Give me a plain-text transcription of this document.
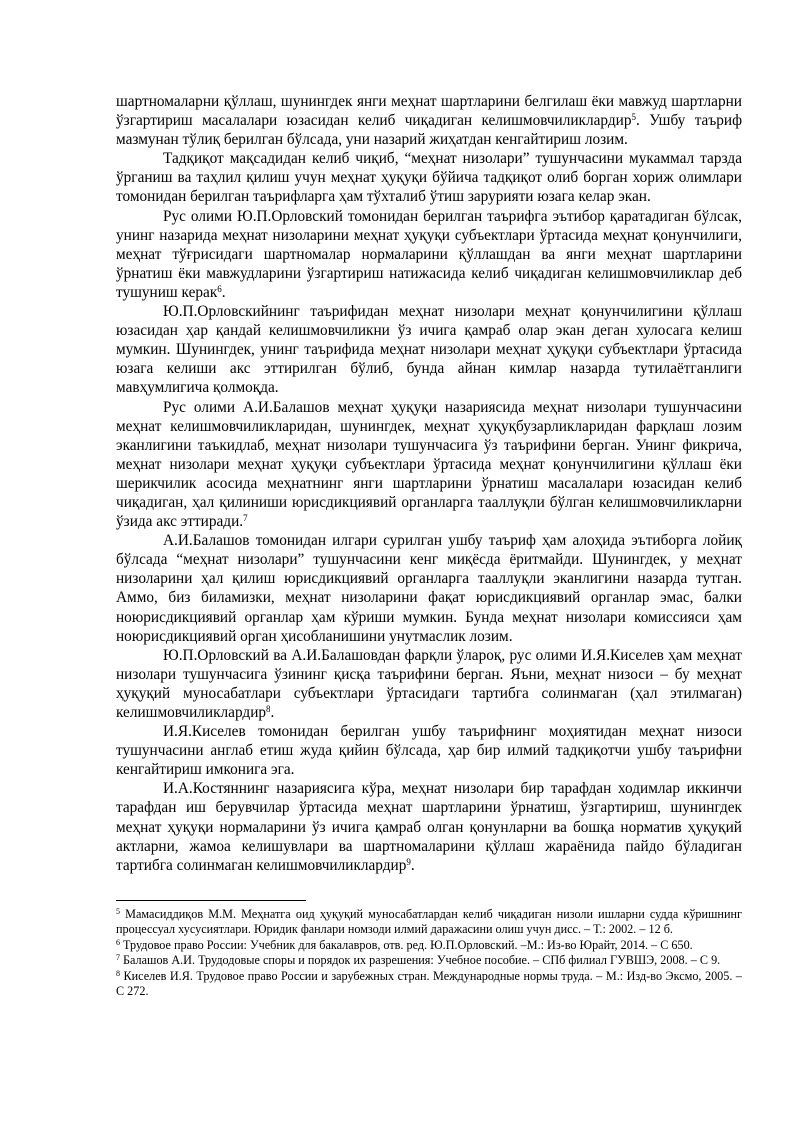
шартномаларни қўллаш, шунингдек янги меҳнат шартларини белгилаш ёки мавжуд шартларни ўзгартириш масалалари юзасидан келиб чиқадиган келишмовчиликлардир$^5$. Ушбу таъриф мазмунан тўлиқ берилган бўлсада, уни назарий жиҳатдан кенгайтириш лозим.

Тадқиқот мақсадидан келиб чиқиб, “меҳнат низолари” тушунчасини мукаммал тарзда ўрганиш ва таҳлил қилиш учун меҳнат ҳуқуқи бўйича тадқиқот олиб борган хориж олимлари томонидан берилган таърифларга ҳам тўхталиб ўтиш зарурияти юзага келар экан.

Рус олими Ю.П.Орловский томонидан берилган таърифга эътибор қаратадиган бўлсак, унинг назарида меҳнат низоларини меҳнат ҳуқуқи субъектлари ўртасида меҳнат қонунчилиги, меҳнат тўғрисидаги шартномалар нормаларини қўллашдан ва янги меҳнат шартларини ўрнатиш ёки мавжудларини ўзгартириш натижасида келиб чиқадиган келишмовчиликлар деб тушуниш керак$^6$.

Ю.П.Орловскийнинг таърифидан меҳнат низолари меҳнат қонунчилигини қўллаш юзасидан ҳар қандай келишмовчиликни ўз ичига қамраб олар экан деган хулосага келиш мумкин. Шунингдек, унинг таърифида меҳнат низолари меҳнат ҳуқуқи субъектлари ўртасида юзага келиши акс эттирилган бўлиб, бунда айнан кимлар назарда тутилаётганлиги мавҳумлигича қолмоқда.

Рус олими А.И.Балашов меҳнат ҳуқуқи назариясида меҳнат низолари тушунчасини меҳнат келишмовчиликларидан, шунингдек, меҳнат ҳуқуқбузарликларидан фарқлаш лозим эканлигини таъкидлаб, меҳнат низолари тушунчасига ўз таърифини берган. Унинг фикрича, меҳнат низолари меҳнат ҳуқуқи субъектлари ўртасида меҳнат қонунчилигини қўллаш ёки шерикчилик асосида меҳнатнинг янги шартларини ўрнатиш масалалари юзасидан келиб чиқадиган, ҳал қилиниши юрисдикциявий органларга тааллуқли бўлган келишмовчиликларни ўзида акс эттиради.$^7$

А.И.Балашов томонидан илгари сурилган ушбу таъриф ҳам алоҳида эътиборга лойиқ бўлсада “меҳнат низолари” тушунчасини кенг миқёсда ёритмайди. Шунингдек, у меҳнат низоларини ҳал қилиш юрисдикциявий органларга тааллуқли эканлигини назарда тутган. Аммо, биз биламизки, меҳнат низоларини фақат юрисдикциявий органлар эмас, балки ноюрисдикциявий органлар ҳам кўриши мумкин. Бунда меҳнат низолари комиссияси ҳам ноюрисдикциявий орган ҳисобланишини унутмаслик лозим.

Ю.П.Орловский ва А.И.Балашовдан фарқли ўлароқ, рус олими И.Я.Киселев ҳам меҳнат низолари тушунчасига ўзининг қисқа таърифини берган. Яъни, меҳнат низоси – бу меҳнат ҳуқуқий муносабатлари субъектлари ўртасидаги тартибга солинмаган (ҳал этилмаган) келишмовчиликлардир$^8$.

И.Я.Киселев томонидан берилган ушбу таърифнинг моҳиятидан меҳнат низоси тушунчасини англаб етиш жуда қийин бўлсада, ҳар бир илмий тадқиқотчи ушбу таърифни кенгайтириш имконига эга.

И.А.Костяннинг назариясига кўра, меҳнат низолари бир тарафдан ходимлар иккинчи тарафдан иш берувчилар ўртасида меҳнат шартларини ўрнатиш, ўзгартириш, шунингдек меҳнат ҳуқуқи нормаларини ўз ичига қамраб олган қонунларни ва бошқа норматив ҳуқуқий актларни, жамоа келишувлари ва шартномаларини қўллаш жараёнида пайдо бўладиган тартибга солинмаган келишмовчиликлардир$^9$.

$^5$ Мамасиддиқов М.М. Меҳнатга оид ҳуқуқий муносабатлардан келиб чиқадиган низоли ишларни судда кўришнинг процессуал хусусиятлари. Юридик фанлари номзоди илмий даражасини олиш учун дисс. – Т.: 2002. – 12 б.

$^6$ Трудовое право России: Учебник для бакалавров, отв. ред. Ю.П.Орловский. –М.: Из-во Юрайт, 2014. – С 650.

$^7$ Балашов А.И. Трудодовые споры и порядок их разрешения: Учебное пособие. – СПб филиал ГУВШЭ, 2008. – С 9.

$^8$ Киселев И.Я. Трудовое право России и зарубежных стран. Международные нормы труда. – М.: Изд-во Эксмо, 2005. – С 272.
